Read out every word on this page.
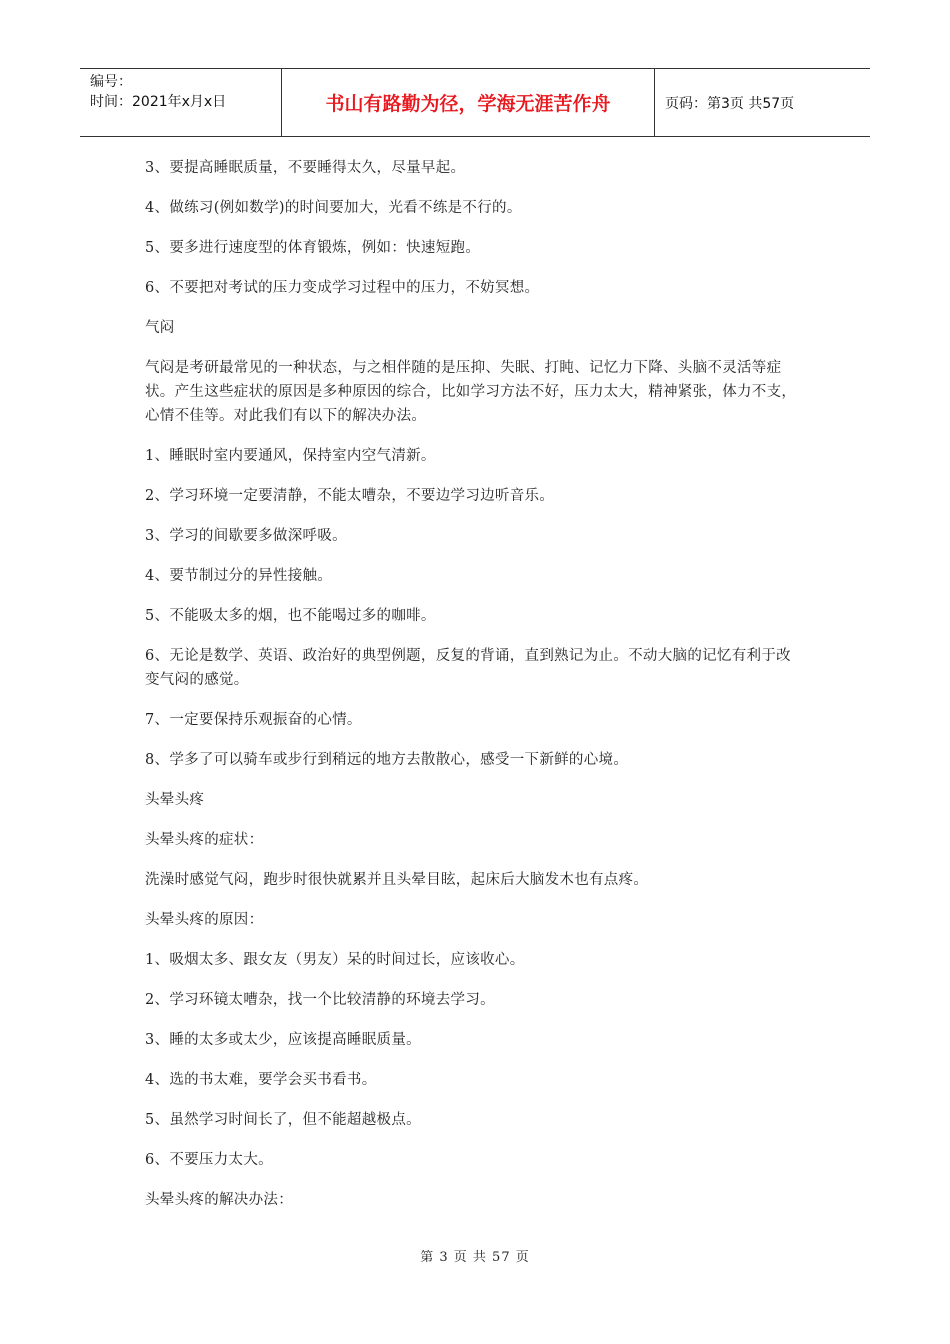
编号：
时间：2021年x月x日	书山有路勤为径，学海无涯苦作舟	页码：第3页 共57页

3、要提高睡眠质量，不要睡得太久，尽量早起。

4、做练习(例如数学)的时间要加大，光看不练是不行的。

5、要多进行速度型的体育锻炼，例如：快速短跑。

6、不要把对考试的压力变成学习过程中的压力，不妨冥想。

气闷

气闷是考研最常见的一种状态，与之相伴随的是压抑、失眠、打盹、记忆力下降、头脑不灵活等症状。产生这些症状的原因是多种原因的综合，比如学习方法不好，压力太大，精神紧张，体力不支，心情不佳等。对此我们有以下的解决办法。

1、睡眠时室内要通风，保持室内空气清新。

2、学习环境一定要清静，不能太嘈杂，不要边学习边听音乐。

3、学习的间歇要多做深呼吸。

4、要节制过分的异性接触。

5、不能吸太多的烟，也不能喝过多的咖啡。

6、无论是数学、英语、政治好的典型例题，反复的背诵，直到熟记为止。不动大脑的记忆有利于改变气闷的感觉。

7、一定要保持乐观振奋的心情。

8、学多了可以骑车或步行到稍远的地方去散散心，感受一下新鲜的心境。

头晕头疼

头晕头疼的症状：

洗澡时感觉气闷，跑步时很快就累并且头晕目眩，起床后大脑发木也有点疼。

头晕头疼的原因：

1、吸烟太多、跟女友（男友）呆的时间过长，应该收心。

2、学习环镜太嘈杂，找一个比较清静的环境去学习。

3、睡的太多或太少，应该提高睡眠质量。

4、选的书太难，要学会买书看书。

5、虽然学习时间长了，但不能超越极点。

6、不要压力太大。

头晕头疼的解决办法：

第 3 页 共 57 页
